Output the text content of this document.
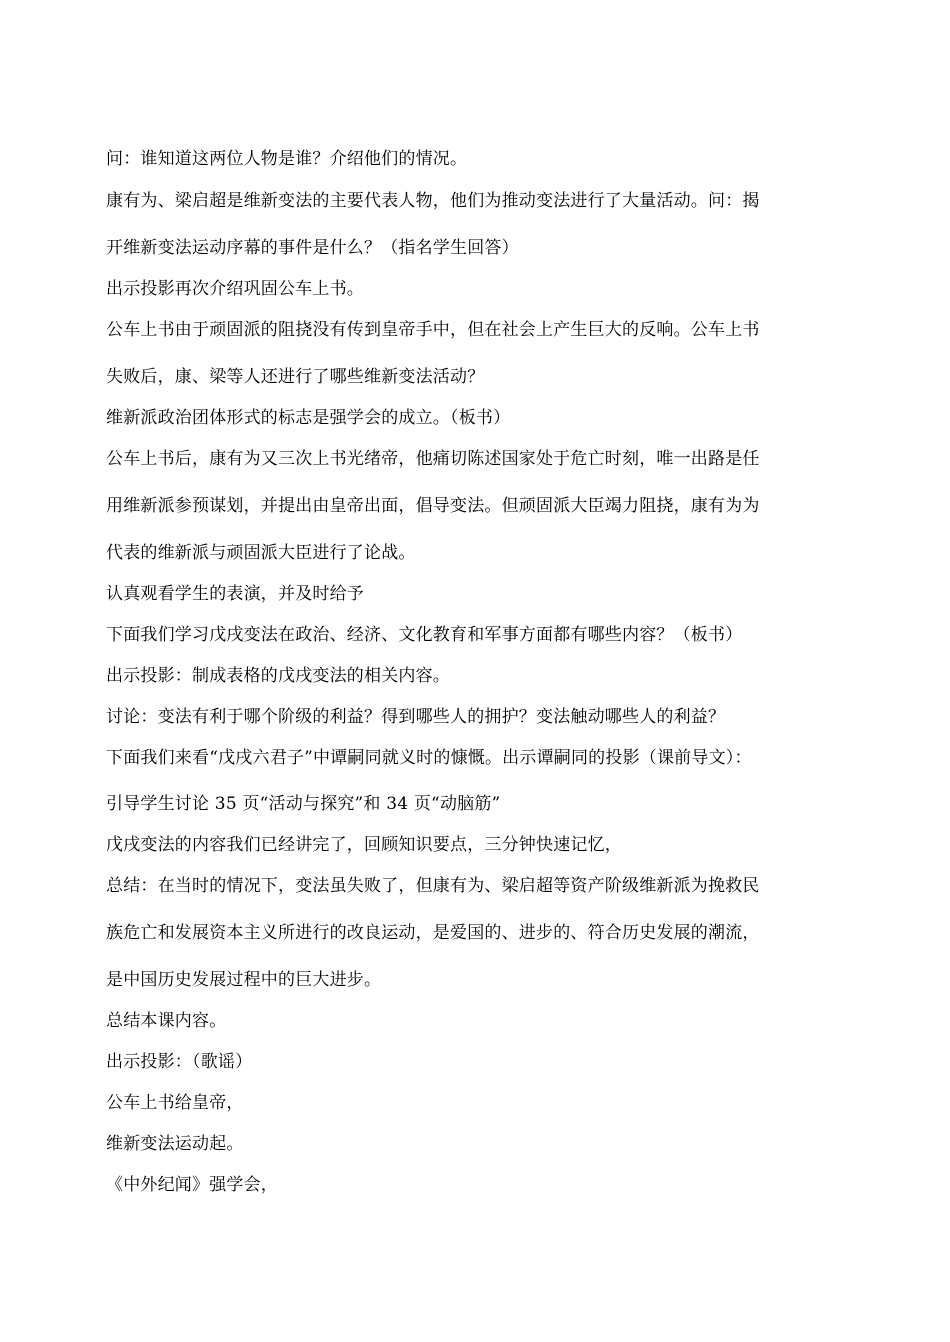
问：谁知道这两位人物是谁？介绍他们的情况。
康有为、梁启超是维新变法的主要代表人物，他们为推动变法进行了大量活动。问：揭
开维新变法运动序幕的事件是什么？（指名学生回答）
出示投影再次介绍巩固公车上书。
公车上书由于顽固派的阻挠没有传到皇帝手中，但在社会上产生巨大的反响。公车上书
失败后，康、梁等人还进行了哪些维新变法活动？
维新派政治团体形式的标志是强学会的成立。（板书）
公车上书后，康有为又三次上书光绪帝，他痛切陈述国家处于危亡时刻，唯一出路是任
用维新派参预谋划，并提出由皇帝出面，倡导变法。但顽固派大臣竭力阻挠，康有为为
代表的维新派与顽固派大臣进行了论战。
认真观看学生的表演，并及时给予
下面我们学习戊戌变法在政治、经济、文化教育和军事方面都有哪些内容？（板书）
出示投影：制成表格的戊戌变法的相关内容。
讨论：变法有利于哪个阶级的利益？得到哪些人的拥护？变法触动哪些人的利益？
下面我们来看“戊戌六君子”中谭嗣同就义时的慷慨。出示谭嗣同的投影（课前导文）：
引导学生讨论 35 页“活动与探究”和 34 页“动脑筋”
戊戌变法的内容我们已经讲完了，回顾知识要点，三分钟快速记忆，
总结：在当时的情况下，变法虽失败了，但康有为、梁启超等资产阶级维新派为挽救民
族危亡和发展资本主义所进行的改良运动，是爱国的、进步的、符合历史发展的潮流，
是中国历史发展过程中的巨大进步。
总结本课内容。
出示投影：（歌谣）
公车上书给皇帝，
维新变法运动起。
《中外纪闻》强学会，
